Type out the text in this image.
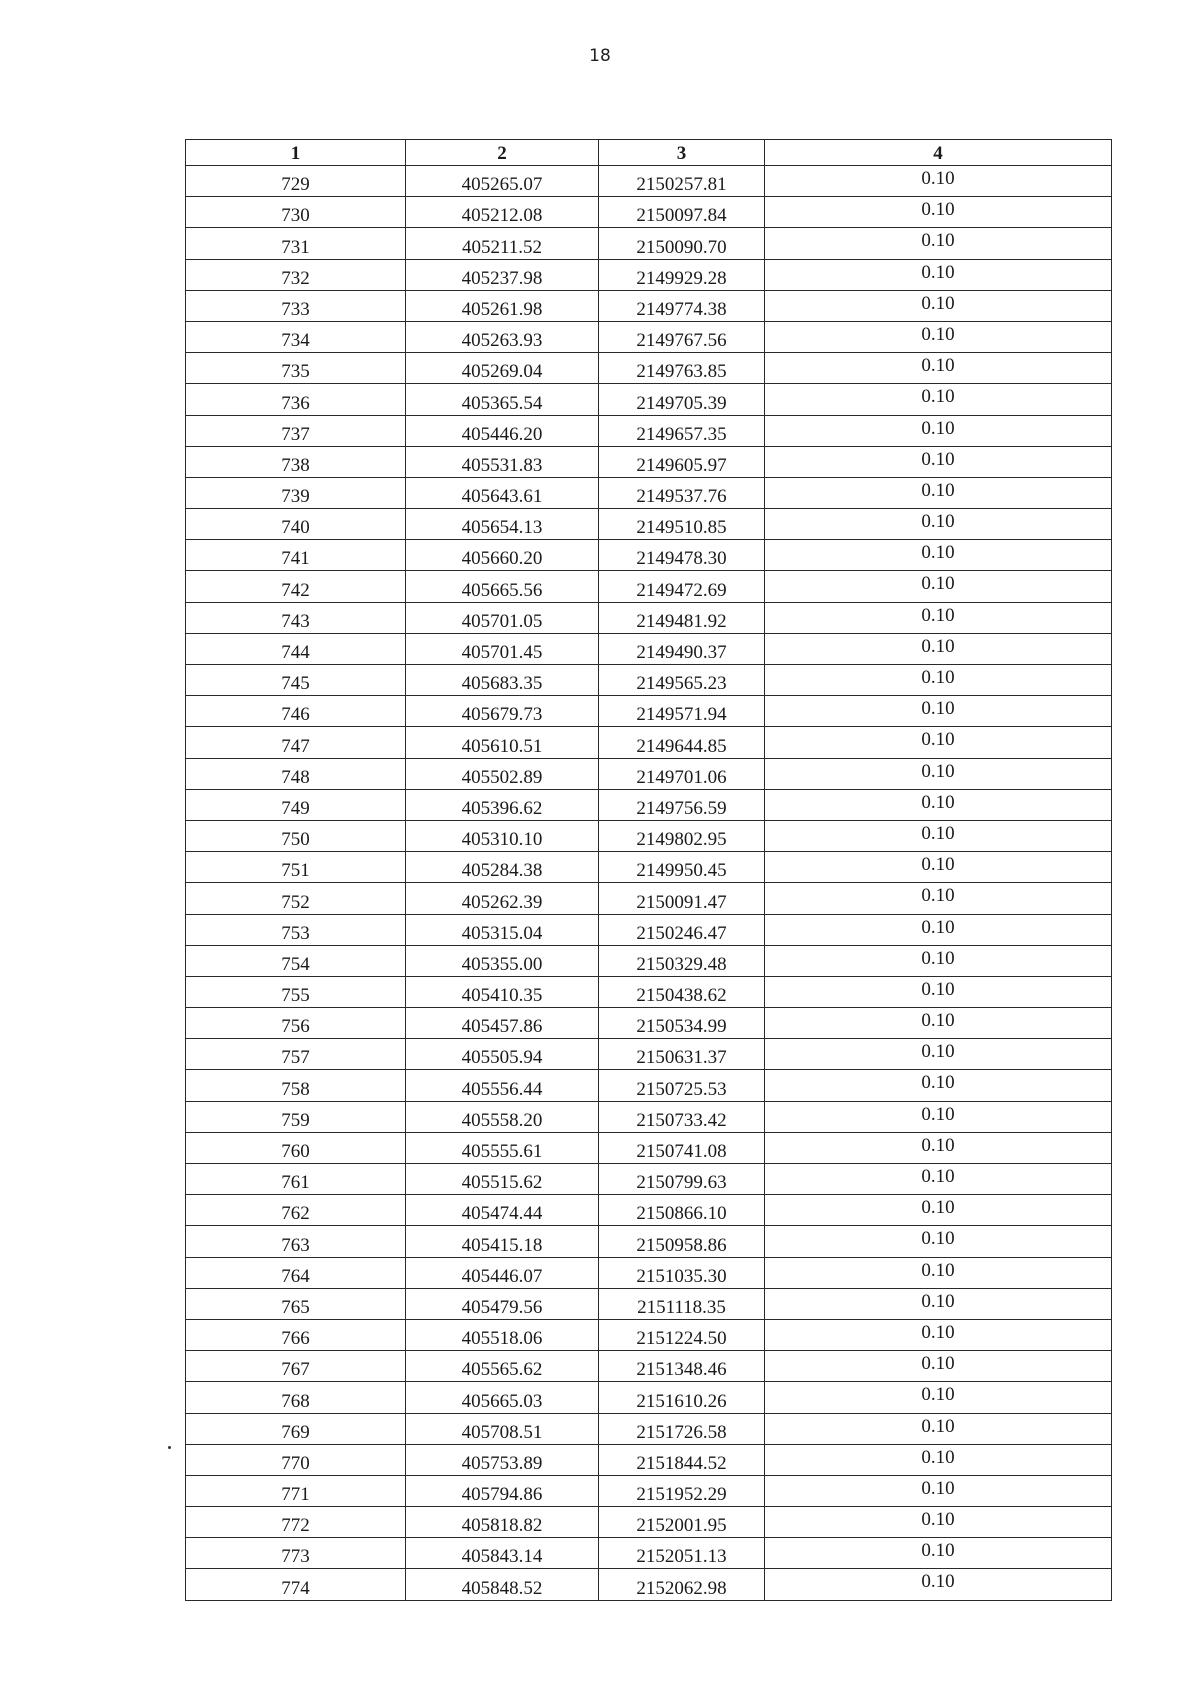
18
1	2	3	4
729	405265.07	2150257.81	0.10
730	405212.08	2150097.84	0.10
731	405211.52	2150090.70	0.10
732	405237.98	2149929.28	0.10
733	405261.98	2149774.38	0.10
734	405263.93	2149767.56	0.10
735	405269.04	2149763.85	0.10
736	405365.54	2149705.39	0.10
737	405446.20	2149657.35	0.10
738	405531.83	2149605.97	0.10
739	405643.61	2149537.76	0.10
740	405654.13	2149510.85	0.10
741	405660.20	2149478.30	0.10
742	405665.56	2149472.69	0.10
743	405701.05	2149481.92	0.10
744	405701.45	2149490.37	0.10
745	405683.35	2149565.23	0.10
746	405679.73	2149571.94	0.10
747	405610.51	2149644.85	0.10
748	405502.89	2149701.06	0.10
749	405396.62	2149756.59	0.10
750	405310.10	2149802.95	0.10
751	405284.38	2149950.45	0.10
752	405262.39	2150091.47	0.10
753	405315.04	2150246.47	0.10
754	405355.00	2150329.48	0.10
755	405410.35	2150438.62	0.10
756	405457.86	2150534.99	0.10
757	405505.94	2150631.37	0.10
758	405556.44	2150725.53	0.10
759	405558.20	2150733.42	0.10
760	405555.61	2150741.08	0.10
761	405515.62	2150799.63	0.10
762	405474.44	2150866.10	0.10
763	405415.18	2150958.86	0.10
764	405446.07	2151035.30	0.10
765	405479.56	2151118.35	0.10
766	405518.06	2151224.50	0.10
767	405565.62	2151348.46	0.10
768	405665.03	2151610.26	0.10
769	405708.51	2151726.58	0.10
770	405753.89	2151844.52	0.10
771	405794.86	2151952.29	0.10
772	405818.82	2152001.95	0.10
773	405843.14	2152051.13	0.10
774	405848.52	2152062.98	0.10
